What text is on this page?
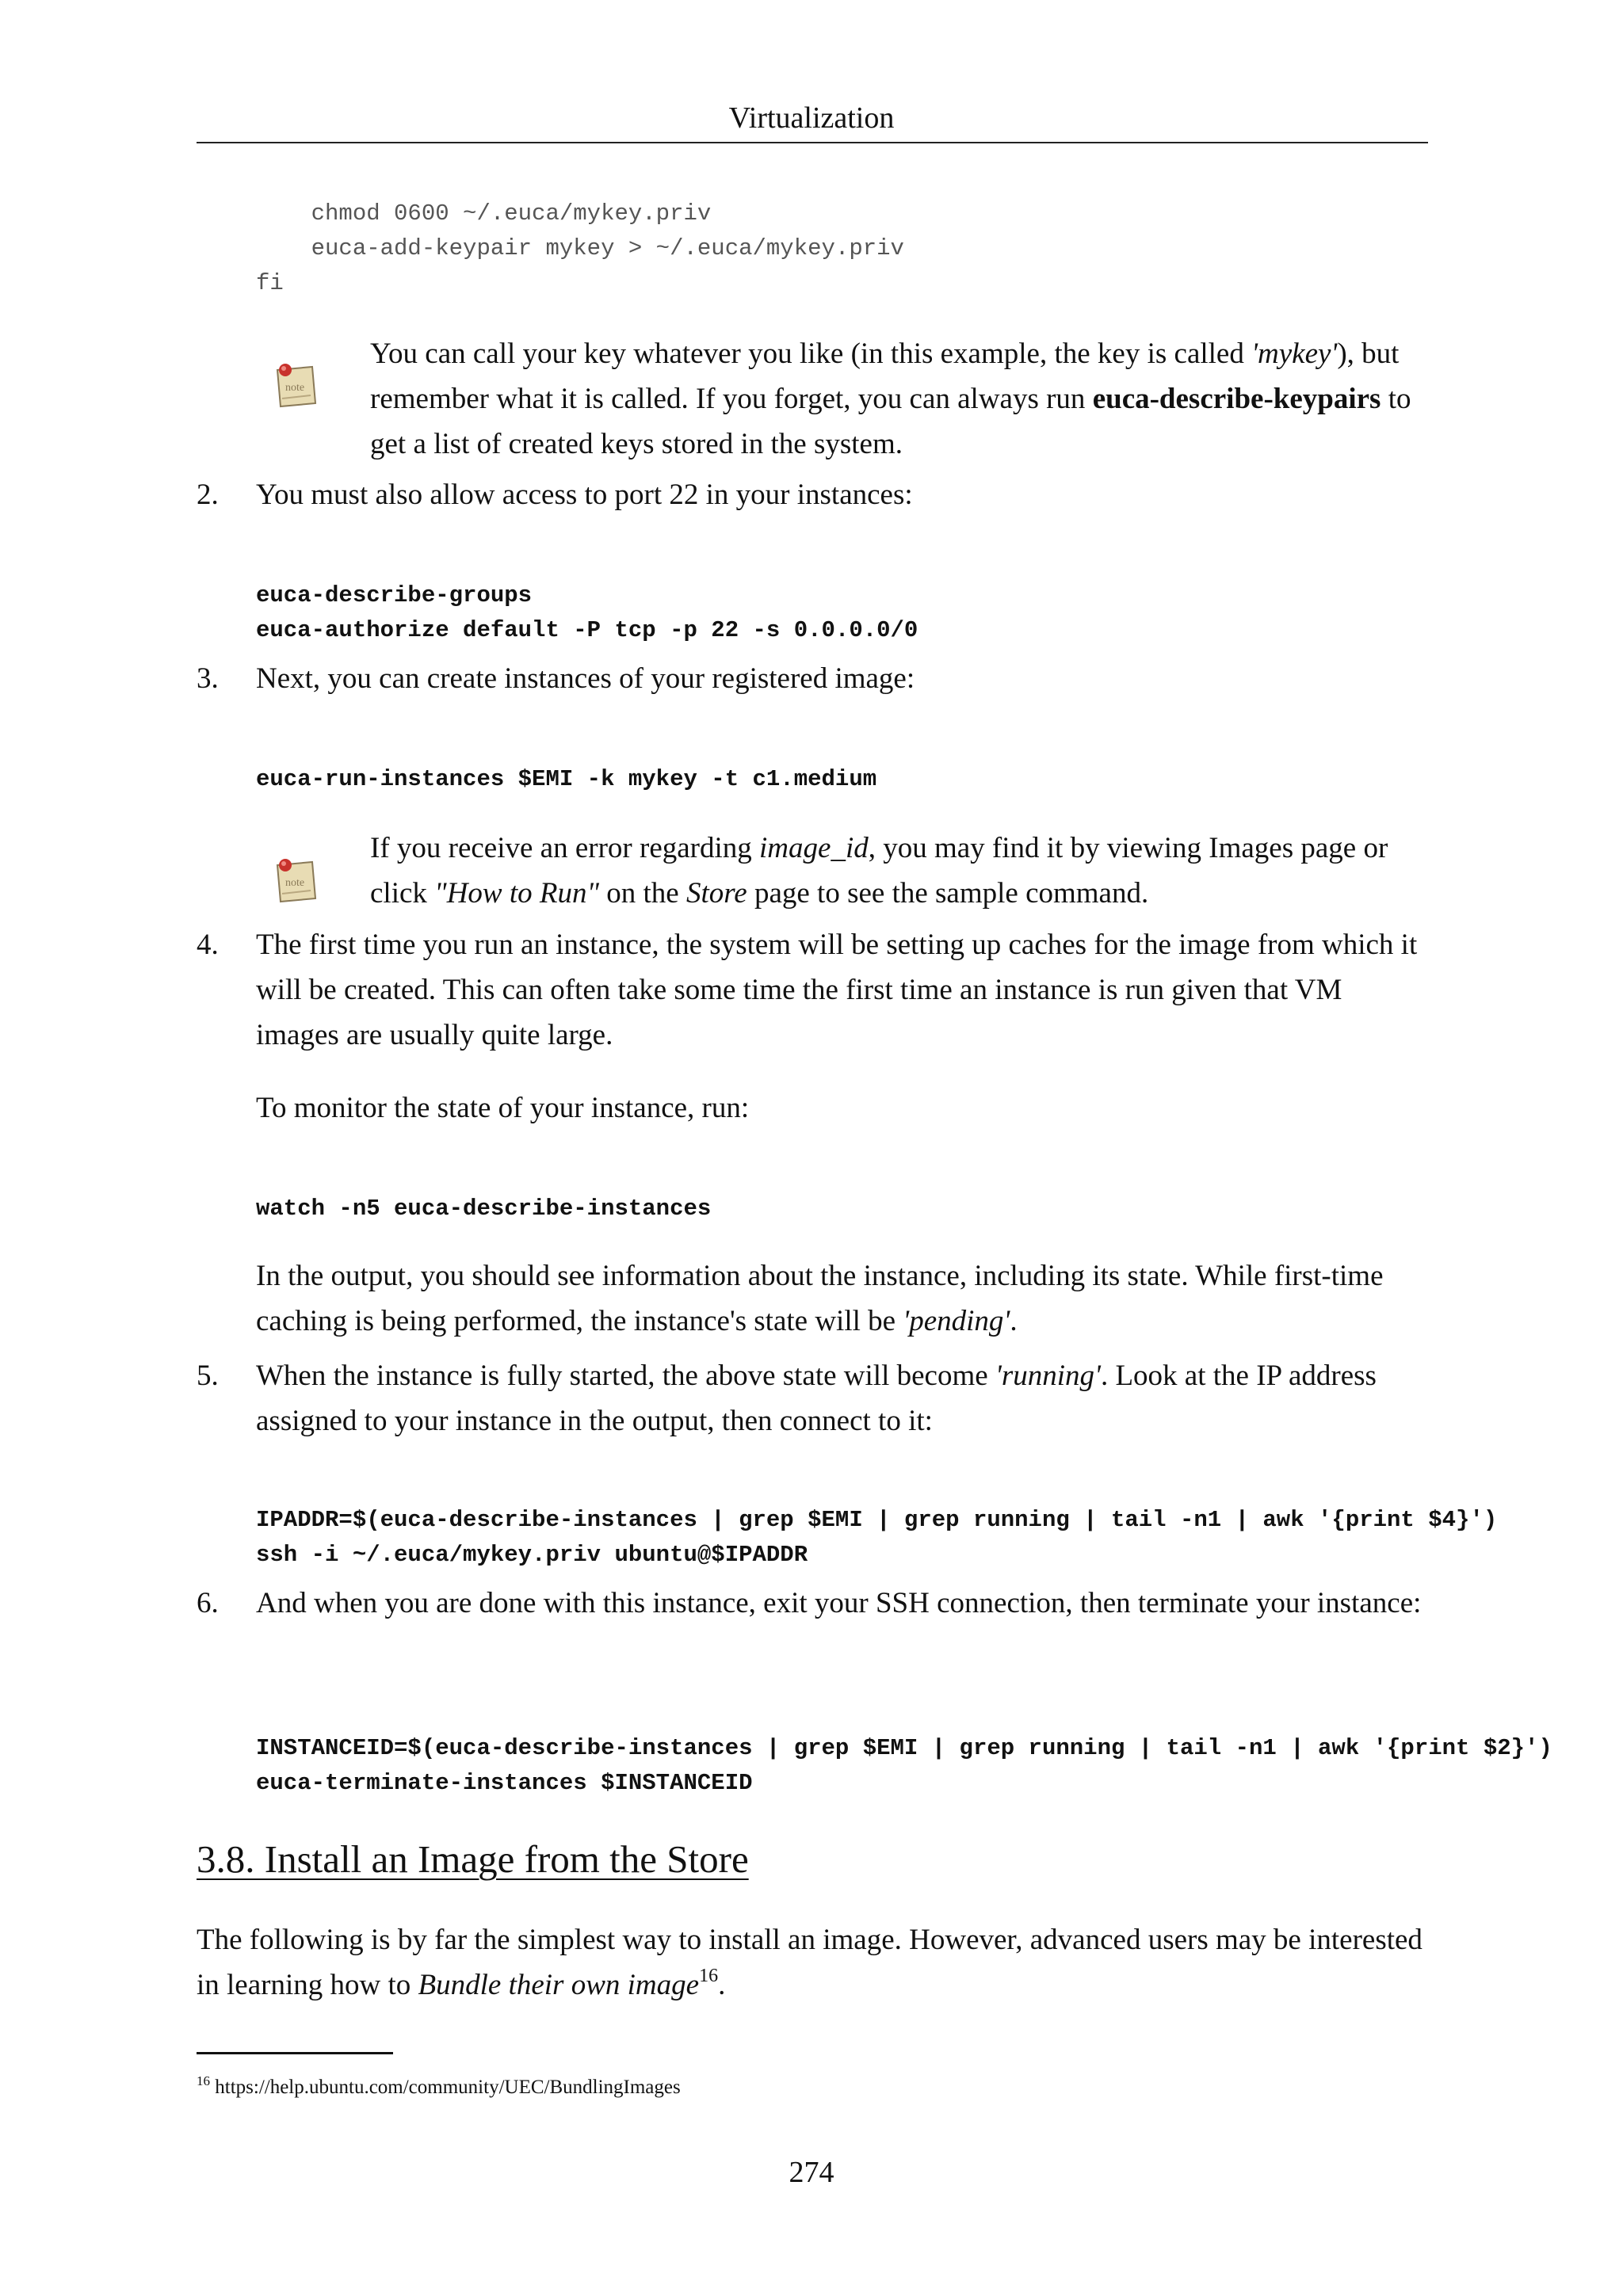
Virtualization
chmod 0600 ~/.euca/mykey.priv
euca-add-keypair mykey > ~/.euca/mykey.priv
fi

note

You can call your key whatever you like (in this example, the key is called 'mykey'), but remember what it is called. If you forget, you can always run euca-describe-keypairs to get a list of created keys stored in the system.
2. You must also allow access to port 22 in your instances:
euca-describe-groups
euca-authorize default -P tcp -p 22 -s 0.0.0.0/0
3. Next, you can create instances of your registered image:
euca-run-instances $EMI -k mykey -t c1.medium

note

If you receive an error regarding image_id, you may find it by viewing Images page or click "How to Run" on the Store page to see the sample command.
4. The first time you run an instance, the system will be setting up caches for the image from which it will be created. This can often take some time the first time an instance is run given that VM images are usually quite large.
To monitor the state of your instance, run:
watch -n5 euca-describe-instances
In the output, you should see information about the instance, including its state. While first-time caching is being performed, the instance's state will be 'pending'.
5. When the instance is fully started, the above state will become 'running'. Look at the IP address assigned to your instance in the output, then connect to it:
IPADDR=$(euca-describe-instances | grep $EMI | grep running | tail -n1 | awk '{print $4}')
ssh -i ~/.euca/mykey.priv ubuntu@$IPADDR
6. And when you are done with this instance, exit your SSH connection, then terminate your instance:
INSTANCEID=$(euca-describe-instances | grep $EMI | grep running | tail -n1 | awk '{print $2}')
euca-terminate-instances $INSTANCEID
3.8. Install an Image from the Store
The following is by far the simplest way to install an image. However, advanced users may be interested in learning how to Bundle their own image$^{16}$.
$^{16}$ https://help.ubuntu.com/community/UEC/BundlingImages
274
